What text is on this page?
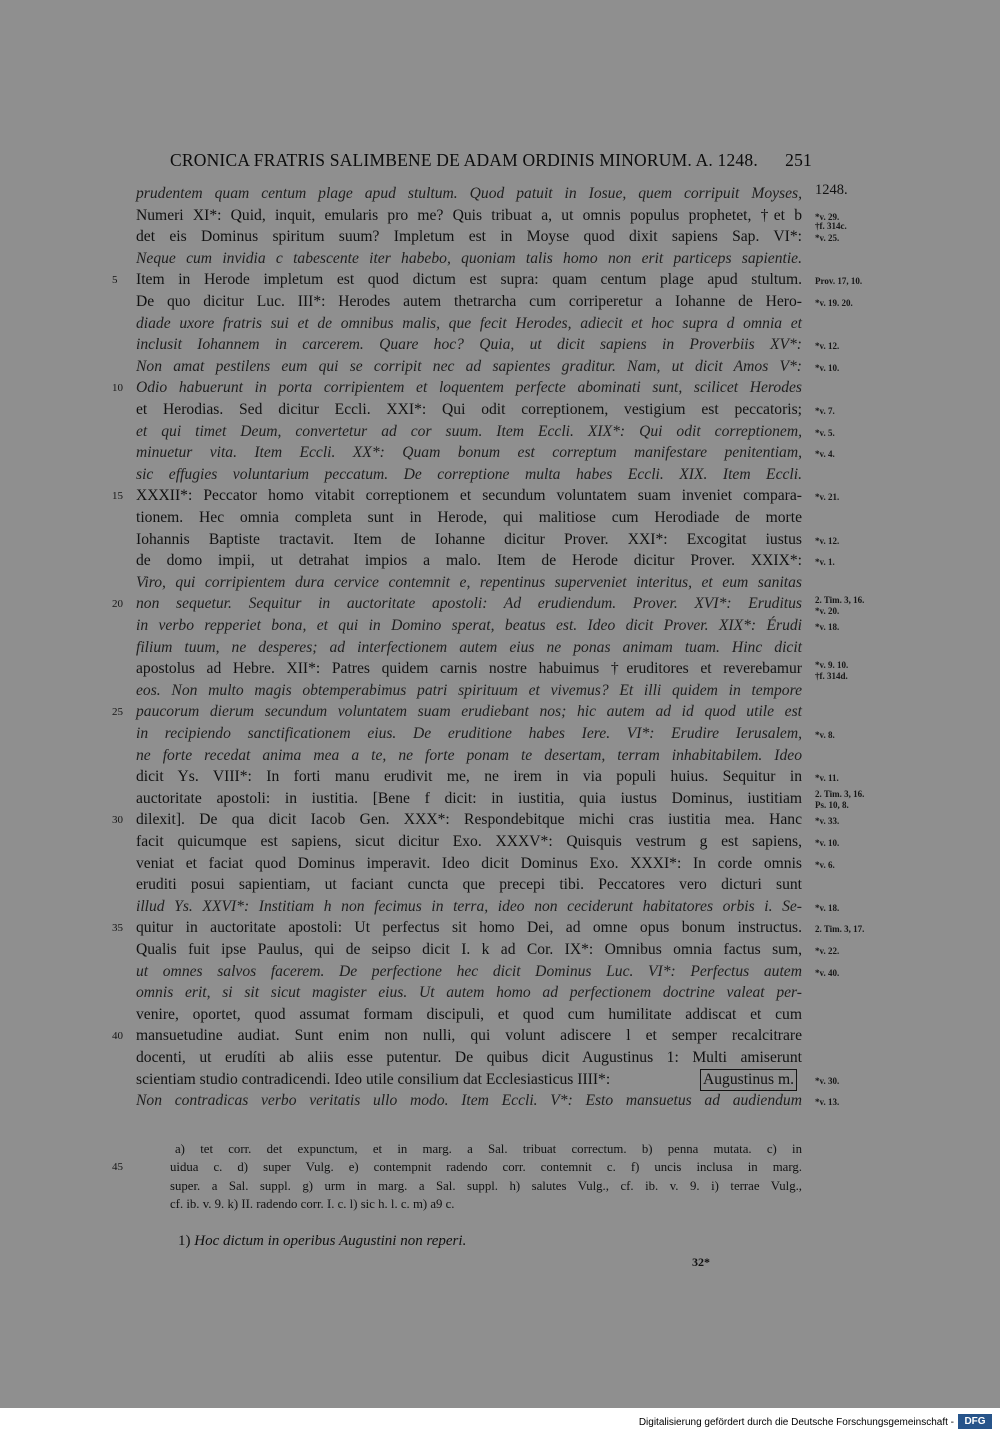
CRONICA FRATRIS SALIMBENE DE ADAM ORDINIS MINORUM. A. 1248. 251
1248.
prudentem quam centum plage apud stultum. Quod patuit in Iosue, quem corripuit Moyses,
Numeri XI*: Quid, inquit, emularis pro me? Quis tribuat a, ut omnis populus prophetet, †et b
det eis Dominus spiritum suum? Impletum est in Moyse quod dixit sapiens Sap. VI*:
Neque cum invidia c tabescente iter habebo, quoniam talis homo non erit particeps sapientie.
Item in Herode impletum est quod dictum est supra: quam centum plage apud stultum.
5
De quo dicitur Luc. III*: Herodes autem thetrarcha cum corriperetur a Iohanne de Hero-
diade uxore fratris sui et de omnibus malis, que fecit Herodes, adiecit et hoc supra d omnia et
inclusit Iohannem in carcerem. Quare hoc? Quia, ut dicit sapiens in Proverbiis XV*:
Non amat pestilens eum qui se corripit nec ad sapientes graditur. Nam, ut dicit Amos V*:
Odio habuerunt in porta corripientem et loquentem perfecte abominati sunt, scilicet Herodes
10
et Herodias. Sed dicitur Eccli. XXI*: Qui odit correptionem, vestigium est peccatoris;
et qui timet Deum, convertetur ad cor suum. Item Eccli. XIX*: Qui odit correptionem,
minuetur vita. Item Eccli. XX*: Quam bonum est correptum manifestare penitentiam,
sic effugies voluntarium peccatum. De correptione multa habes Eccli. XIX. Item Eccli.
XXXII*: Peccator homo vitabit correptionem et secundum voluntatem suam inveniet compara-
15
tionem. Hec omnia completa sunt in Herode, qui malitiose cum Herodiade de morte
Iohannis Baptiste tractavit. Item de Iohanne dicitur Prover. XXI*: Excogitat iustus
de domo impii, ut detrahat impios a malo. Item de Herode dicitur Prover. XXIX*:
Viro, qui corripientem dura cervice contemnit e, repentinus superveniet interitus, et eum sanitas
non sequetur. Sequitur in auctoritate apostoli: Ad erudiendum. Prover. XVI*: Eruditus
20
in verbo repperiet bona, et qui in Domino sperat, beatus est. Ideo dicit Prover. XIX*: Érudi
filium tuum, ne desperes; ad interfectionem autem eius ne ponas animam tuam. Hinc dicit
apostolus ad Hebre. XII*: Patres quidem carnis nostre habuimus †eruditores et reverebamur
eos. Non multo magis obtemperabimus patri spirituum et vivemus? Et illi quidem in tempore
paucorum dierum secundum voluntatem suam erudiebant nos; hic autem ad id quod utile est
25
in recipiendo sanctificationem eius. De eruditione habes Iere. VI*: Erudire Ierusalem,
ne forte recedat anima mea a te, ne forte ponam te desertam, terram inhabitabilem. Ideo
dicit Ys. VIII*: In forti manu erudivit me, ne irem in via populi huius. Sequitur in
auctoritate apostoli: in iustitia. [Bene f dicit: in iustitia, quia iustus Dominus, iustitiam
dilexit]. De qua dicit Iacob Gen. XXX*: Respondebitque michi cras iustitia mea. Hanc
30
facit quicumque est sapiens, sicut dicitur Exo. XXXV*: Quisquis vestrum g est sapiens,
veniat et faciat quod Dominus imperavit. Ideo dicit Dominus Exo. XXXI*: In corde omnis
eruditi posui sapientiam, ut faciant cuncta que precepi tibi. Peccatores vero dicturi sunt
illud Ys. XXVI*: Institiam h non fecimus in terra, ideo non ceciderunt habitatores orbis i. Se-
quitur in auctoritate apostoli: Ut perfectus sit homo Dei, ad omne opus bonum instructus.
35
Qualis fuit ipse Paulus, qui de seipso dicit I. k ad Cor. IX*: Omnibus omnia factus sum,
ut omnes salvos facerem. De perfectione hec dicit Dominus Luc. VI*: Perfectus autem
omnis erit, si sit sicut magister eius. Ut autem homo ad perfectionem doctrine valeat per-
venire, oportet, quod assumat formam discipuli, et quod cum humilitate addiscat et cum
mansuetudine audiat. Sunt enim non nulli, qui volunt adiscere l et semper recalcitrare
40
docenti, ut erudíti ab aliis esse putentur. De quibus dicit Augustinus 1: Multi amiserunt
scientiam studio contradicendi. Ideo utile consilium dat Ecclesiasticus IIII*:
Non contradicas verbo veritatis ullo modo. Item Eccli. V*: Esto mansuetus ad audiendum
Augustinus m.
*v. 29.
†f. 314c.
*v. 25.
Prov. 17, 10.
*v. 19. 20.
*v. 12.
*v. 10.
*v. 7.
*v. 5.
*v. 4.
*v. 21.
*v. 12.
*v. 1.
2. Tim. 3, 16.
*v. 20.
*v. 18.
*v. 9. 10.
†f. 314d.
*v. 8.
*v. 11.
2. Tim. 3, 16.
Ps. 10, 8.
*v. 33.
*v. 10.
*v. 6.
*v. 18.
2. Tim. 3, 17.
*v. 22.
*v. 40.
*v. 30.
*v. 13.
a) tet corr. det expunctum, et in marg. a Sal. tribuat correctum. b) penna mutata. c) in
uidua c. d) super Vulg. e) contempnit radendo corr. contemnit c. f) uncis inclusa in marg.
45
super. a Sal. suppl. g) urm in marg. a Sal. suppl. h) salutes Vulg., cf. ib. v. 9. i) terrae Vulg.,
cf. ib. v. 9. k) II. radendo corr. I. c. l) sic h. l. c. m) a9 c.
1) Hoc dictum in operibus Augustini non reperi.
32*
Digitalisierung gefördert durch die Deutsche Forschungsgemeinschaft -	DFG
